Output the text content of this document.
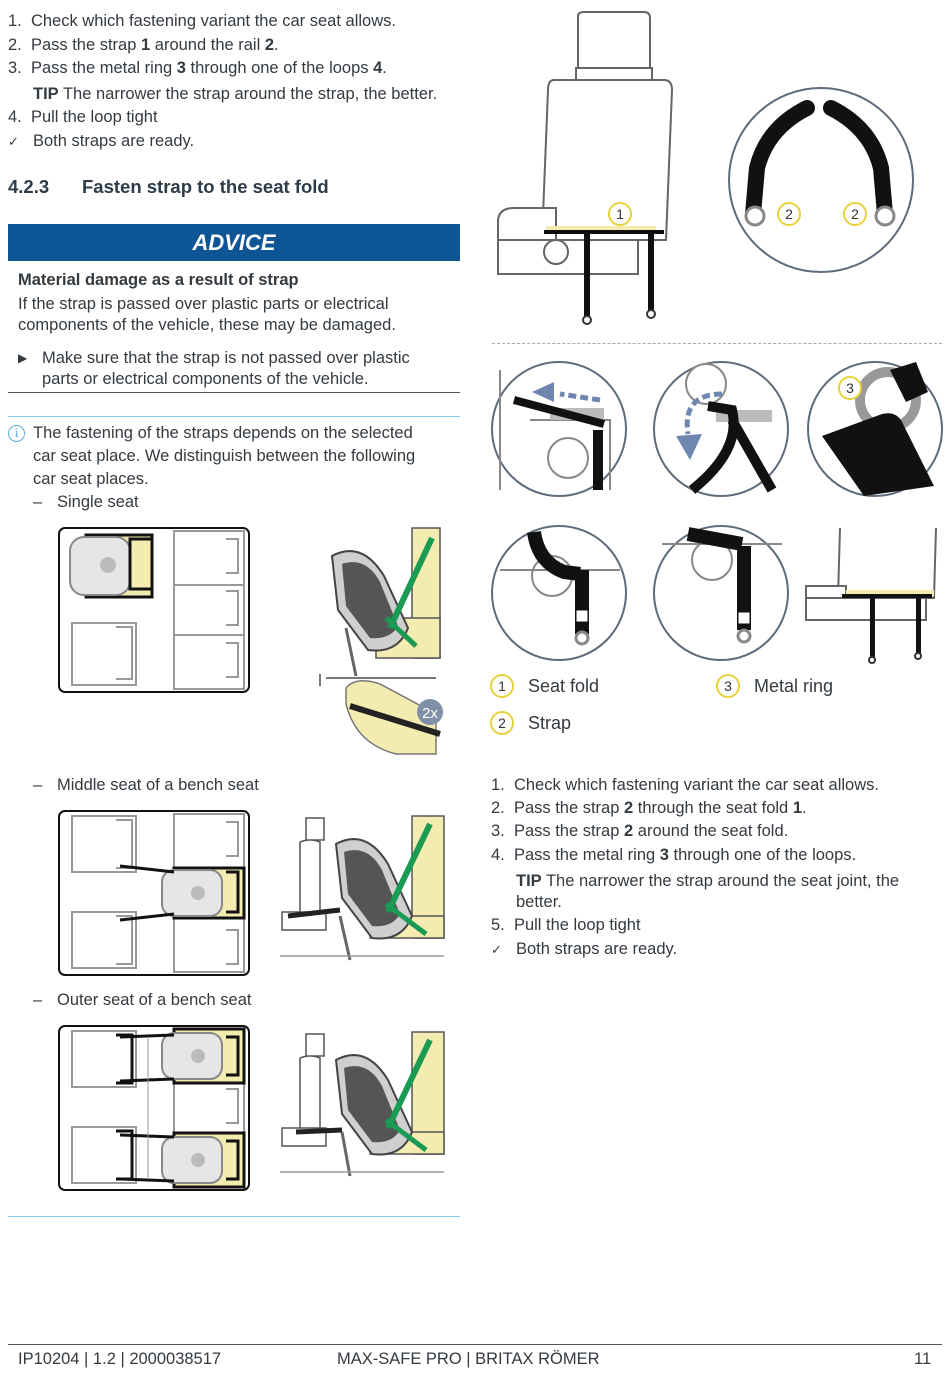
1. Check which fastening variant the car seat allows.
2. Pass the strap 1 around the rail 2.
3. Pass the metal ring 3 through one of the loops 4.
TIP The narrower the strap around the strap, the better.
4. Pull the loop tight
✓ Both straps are ready.
4.2.3 Fasten strap to the seat fold
ADVICE
Material damage as a result of strap
If the strap is passed over plastic parts or electrical
components of the vehicle, these may be damaged.
▶ Make sure that the strap is not passed over plastic
parts or electrical components of the vehicle.
i The fastening of the straps depends on the selected
car seat place. We distinguish between the following
car seat places.
– Single seat
– Middle seat of a bench seat
– Outer seat of a bench seat
2x
1	2	2
3
1	Seat fold	3	Metal ring
2	Strap
1. Check which fastening variant the car seat allows.
2. Pass the strap 2 through the seat fold 1.
3. Pass the strap 2 around the seat fold.
4. Pass the metal ring 3 through one of the loops.
TIP The narrower the strap around the seat joint, the
better.
5. Pull the loop tight
✓ Both straps are ready.
IP10204 | 1.2 | 2000038517	MAX-SAFE PRO | BRITAX RÖMER	11
